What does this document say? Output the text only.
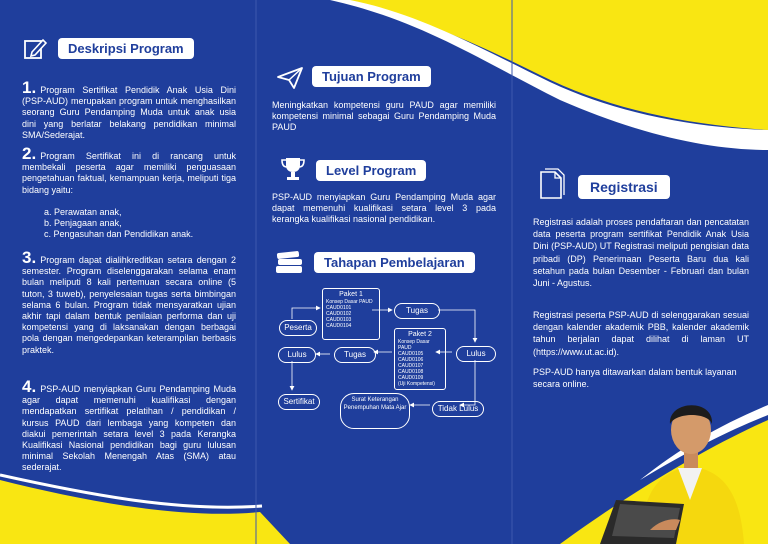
Deskripsi Program
1. Program Sertifikat Pendidik Anak Usia Dini (PSP-AUD) merupakan program untuk menghasilkan seorang Guru Pendamping Muda untuk anak usia dini yang berlatar belakang pendidikan minimal SMA/Sederajat.
2. Program Sertifikat ini di rancang untuk membekali peserta agar memiliki penguasaan pengetahuan faktual, kemampuan kerja, meliputi tiga bidang yaitu:
a. Perawatan anak,
b. Penjagaan anak,
c. Pengasuhan dan Pendidikan anak.
3. Program dapat dialihkreditkan setara dengan 2 semester. Program diselenggarakan selama enam bulan meliputi 8 kali pertemuan secara online (5 tuton, 3 tuweb), penyelesaian tugas serta bimbingan selama 6 bulan. Program tidak mensyaratkan ujian akhir tapi dalam bentuk penilaian performa dan uji kompetensi yang di laksanakan dengan berbagai pola dengan mengedepankan keterampilan berbasis praktek.
4. PSP-AUD menyiapkan Guru Pendamping Muda agar dapat memenuhi kualifikasi dengan mendapatkan sertifikat pelatihan / pendidikan / kursus PAUD dari lembaga yang kompeten dan diakui pemerintah setara level 3 pada Kerangka Kualifikasi Nasional pendidikan bagi guru lulusan minimal Sekolah Menengah Atas (SMA) atau sederajat.
Tujuan Program
Meningkatkan kompetensi guru PAUD agar memiliki kompetensi minimal sebagai Guru Pendamping Muda PAUD
Level Program
PSP-AUD menyiapkan Guru Pendamping Muda agar dapat memenuhi kualifikasi setara level 3 pada kerangka kualifikasi nasional pendidikan.
Tahapan Pembelajaran
Paket 1
Konsep Dasar PAUD
CAUD0101
CAUD0102
CAUD0103
CAUD0104
Tugas
Peserta
Paket 2
Konsep Dasar PAUD
CAUD0105
CAUD0106
CAUD0107
CAUD0108
CAUD0109
(Uji Kompetensi)
Lulus
Tugas
Lulus
Sertifikat
Tidak Lulus
Surat Keterangan Penempuhan Mata Ajar
Registrasi
Registrasi adalah proses pendaftaran dan pencatatan data peserta program sertifikat Pendidik Anak Usia Dini (PSP-AUD) UT Registrasi meliputi pengisian data pribadi (DP) Penerimaan Peserta Baru dua kali setahun pada bulan Desember - Februari dan bulan Juni - Agustus.
Registrasi peserta PSP-AUD di selenggarakan sesuai dengan kalender akademik PBB, kalender akademik tahun berjalan dapat dilihat di laman UT (https://www.ut.ac.id).
PSP-AUD hanya ditawarkan dalam bentuk layanan secara online.
